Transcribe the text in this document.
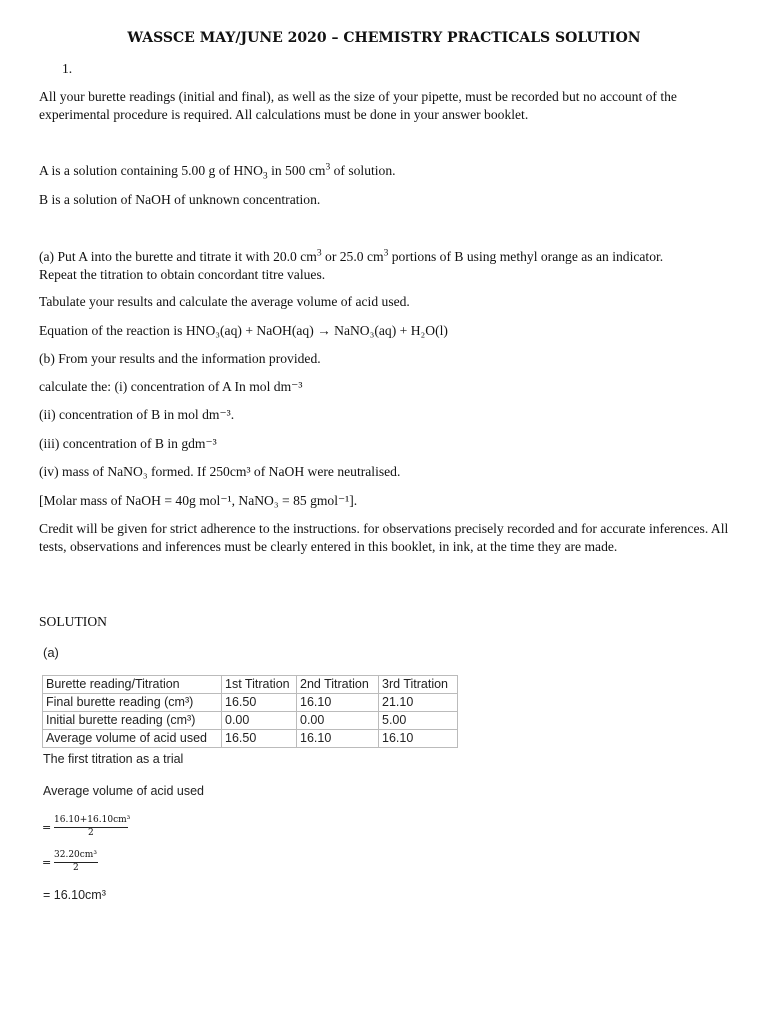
WASSCE MAY/JUNE 2020 – CHEMISTRY PRACTICALS SOLUTION
1.

All your burette readings (initial and final), as well as the size of your pipette, must be recorded but no account of the experimental procedure is required. All calculations must be done in your answer booklet.

A is a solution containing 5.00 g of $HNO_3$ in 500 $cm^3$ of solution.

B is a solution of NaOH of unknown concentration.

(a) Put A into the burette and titrate it with 20.0 $cm^3$ or 25.0 $cm^3$ portions of B using methyl orange as an indicator.

Repeat the titration to obtain concordant titre values.

Tabulate your results and calculate the average volume of acid used.

Equation of the reaction is HNO₃(aq) + NaOH(aq) → NaNO₃(aq) + H₂O(l)

(b) From your results and the information provided.

calculate the: (i) concentration of A In mol dm⁻³

(ii) concentration of B in mol dm⁻³.

(iii) concentration of B in gdm⁻³

(iv) mass of NaNO₃ formed. If 250cm³ of NaOH were neutralised.

[Molar mass of NaOH = 40g mol⁻¹, NaNO₃ = 85 gmol⁻¹].

Credit will be given for strict adherence to the instructions. for observations precisely recorded and for accurate inferences. All tests, observations and inferences must be clearly entered in this booklet, in ink, at the time they are made.

SOLUTION

(a)

Burette reading/Titration	1st Titration	2nd Titration	3rd Titration
Final burette reading (cm³)	16.50	16.10	21.10
Initial burette reading (cm³)	0.00	0.00	5.00
Average volume of acid used	16.50	16.10	16.10

The first titration as a trial

Average volume of acid used

=
16.10+16.10cm³
2
=
32.20cm³
2

= 16.10cm³
